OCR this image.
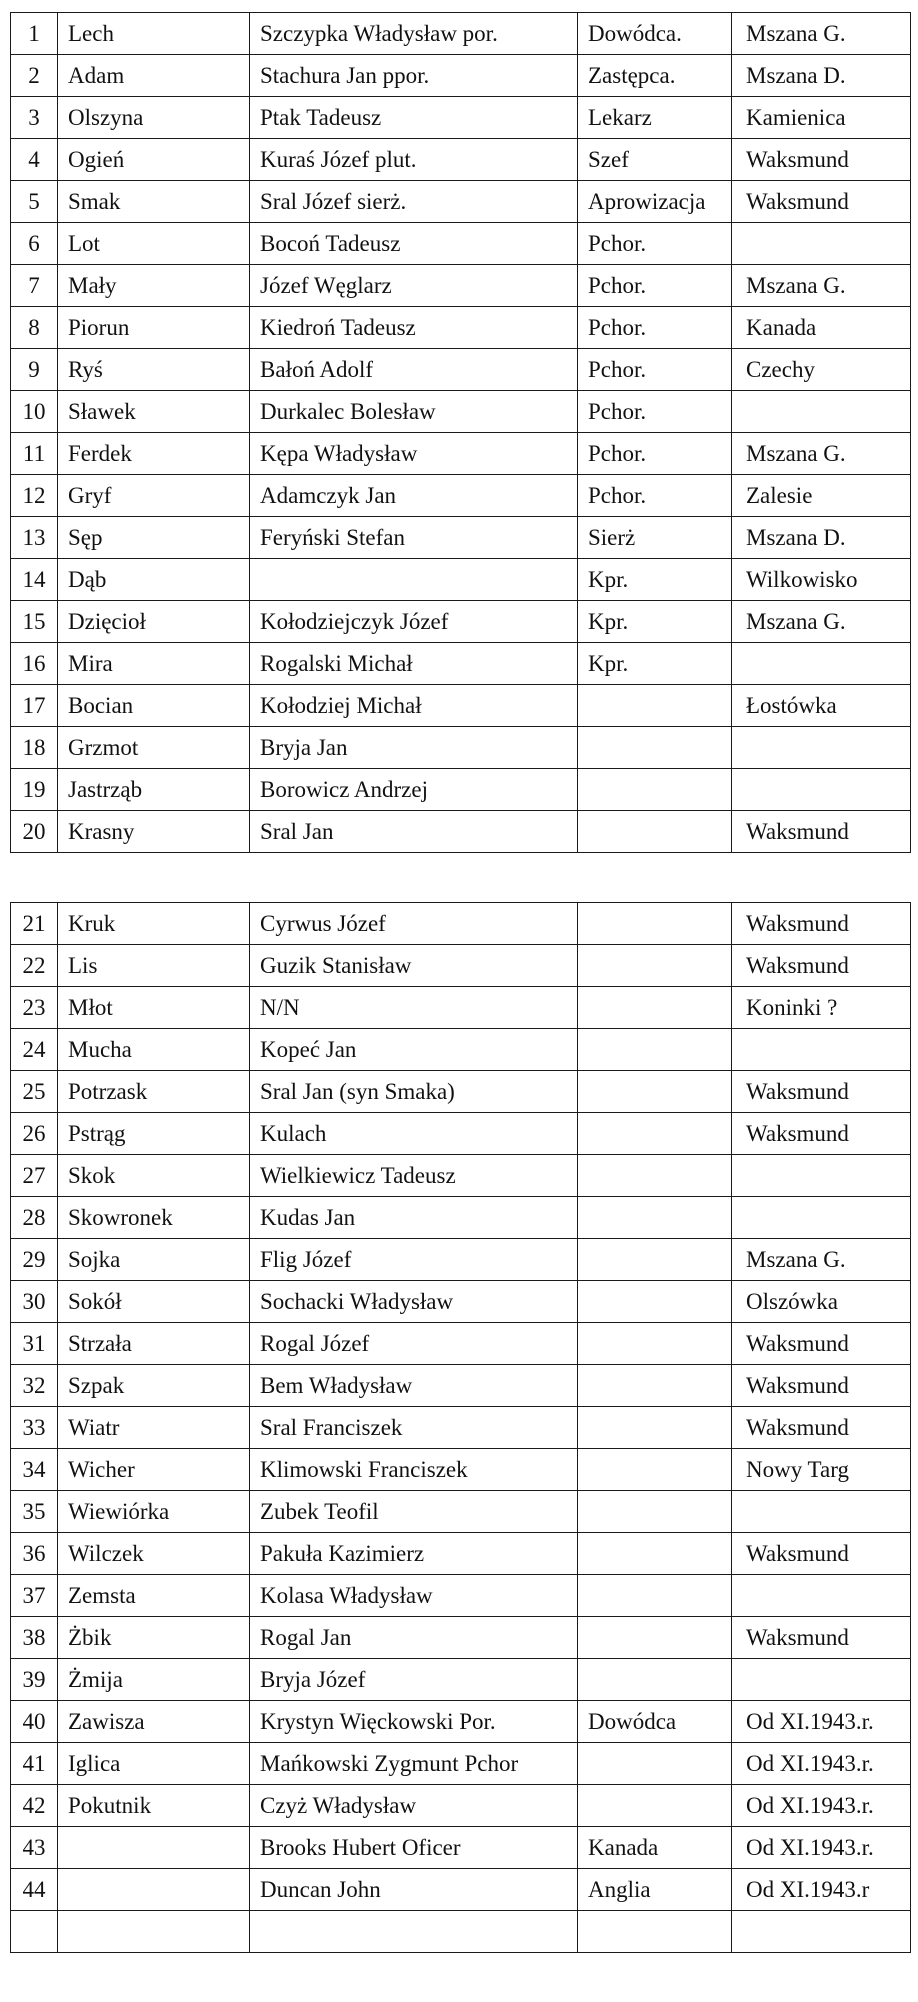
1	Lech	Szczypka Władysław por.	Dowódca.	Mszana G.
2	Adam	Stachura Jan ppor.	Zastępca.	Mszana D.
3	Olszyna	Ptak Tadeusz	Lekarz	Kamienica
4	Ogień	Kuraś Józef plut.	Szef	Waksmund
5	Smak	Sral Józef sierż.	Aprowizacja	Waksmund
6	Lot	Bocoń Tadeusz	Pchor.	
7	Mały	Józef Węglarz	Pchor.	Mszana G.
8	Piorun	Kiedroń Tadeusz	Pchor.	Kanada
9	Ryś	Bałoń Adolf	Pchor.	Czechy
10	Sławek	Durkalec Bolesław	Pchor.	
11	Ferdek	Kępa Władysław	Pchor.	Mszana G.
12	Gryf	Adamczyk Jan	Pchor.	Zalesie
13	Sęp	Feryński Stefan	Sierż	Mszana D.
14	Dąb		Kpr.	Wilkowisko
15	Dzięcioł	Kołodziejczyk Józef	Kpr.	Mszana G.
16	Mira	Rogalski Michał	Kpr.	
17	Bocian	Kołodziej Michał		Łostówka
18	Grzmot	Bryja Jan		
19	Jastrząb	Borowicz Andrzej		
20	Krasny	Sral Jan		Waksmund
21	Kruk	Cyrwus Józef		Waksmund
22	Lis	Guzik Stanisław		Waksmund
23	Młot	N/N		Koninki ?
24	Mucha	Kopeć Jan		
25	Potrzask	Sral Jan (syn Smaka)		Waksmund
26	Pstrąg	Kulach		Waksmund
27	Skok	Wielkiewicz Tadeusz		
28	Skowronek	Kudas Jan		
29	Sojka	Flig Józef		Mszana G.
30	Sokół	Sochacki Władysław		Olszówka
31	Strzała	Rogal Józef		Waksmund
32	Szpak	Bem Władysław		Waksmund
33	Wiatr	Sral Franciszek		Waksmund
34	Wicher	Klimowski Franciszek		Nowy Targ
35	Wiewiórka	Zubek Teofil		
36	Wilczek	Pakuła Kazimierz		Waksmund
37	Zemsta	Kolasa Władysław		
38	Żbik	Rogal Jan		Waksmund
39	Żmija	Bryja Józef		
40	Zawisza	Krystyn Więckowski Por.	Dowódca	Od XI.1943.r.
41	Iglica	Mańkowski Zygmunt Pchor		Od XI.1943.r.
42	Pokutnik	Czyż Władysław		Od XI.1943.r.
43		Brooks Hubert Oficer	Kanada	Od XI.1943.r.
44		Duncan John	Anglia	Od XI.1943.r
